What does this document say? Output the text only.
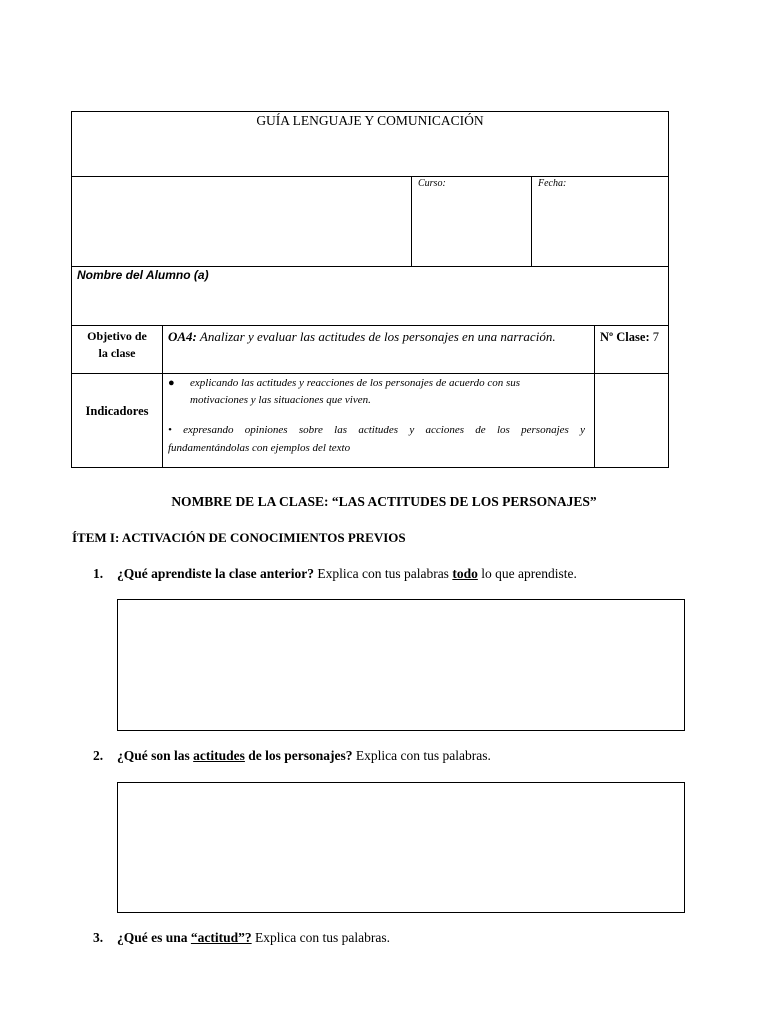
GUÍA LENGUAJE Y COMUNICACIÓN
Curso:	Fecha:
Nombre del Alumno (a)
Objetivo de
la clase
OA4: Analizar y evaluar las actitudes de los personajes en una narración.	Nº Clase: 7
Indicadores
● explicando las actitudes y reacciones de los personajes de acuerdo con sus
motivaciones y las situaciones que viven.
• expresando opiniones sobre las actitudes y acciones de los personajes y
fundamentándolas con ejemplos del texto
NOMBRE DE LA CLASE: “LAS ACTITUDES DE LOS PERSONAJES”
ÍTEM I: ACTIVACIÓN DE CONOCIMIENTOS PREVIOS
1. ¿Qué aprendiste la clase anterior? Explica con tus palabras todo lo que aprendiste.
2. ¿Qué son las actitudes de los personajes? Explica con tus palabras.
3. ¿Qué es una “actitud”? Explica con tus palabras.
